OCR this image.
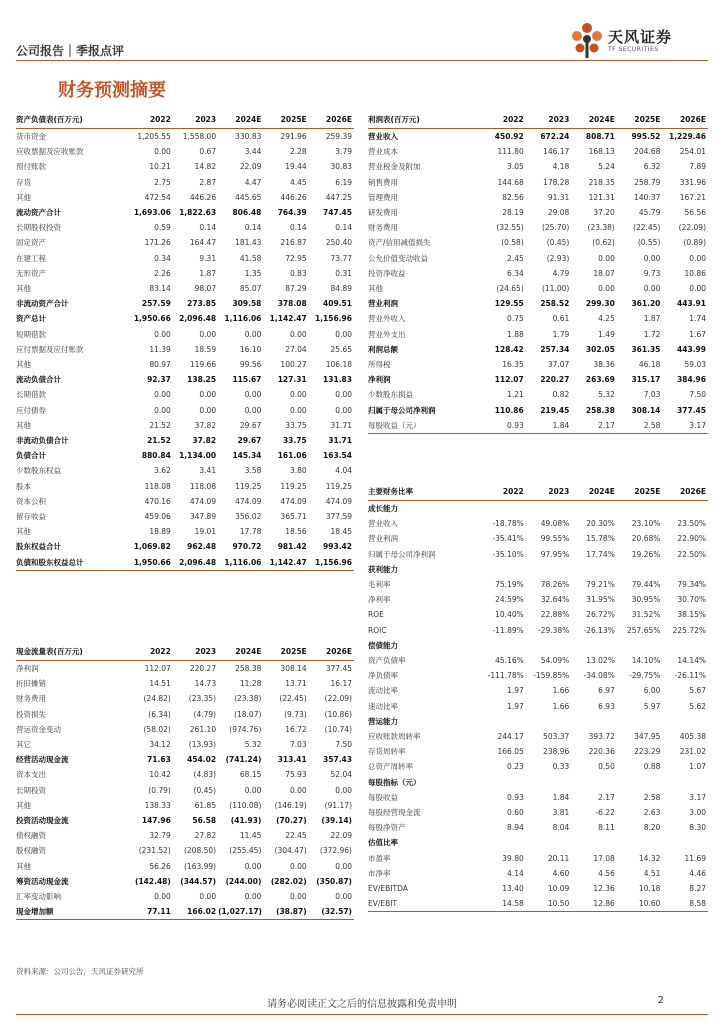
公司报告｜季报点评
天风证券
TF SECURITIES
财务预测摘要
资产负债表(百万元)	2022	2023	2024E	2025E	2026E
货币资金	1,205.55	1,558.00	330.83	291.96	259.39
应收票据及应收账款	0.00	0.67	3.44	2.28	3.79
预付账款	10.21	14.82	22.09	19.44	30.83
存货	2.75	2.87	4.47	4.45	6.19
其他	472.54	446.26	445.65	446.26	447.25
流动资产合计	1,693.06	1,822.63	806.48	764.39	747.45
长期股权投资	0.59	0.14	0.14	0.14	0.14
固定资产	171.26	164.47	181.43	216.87	250.40
在建工程	0.34	9.31	41.58	72.95	73.77
无形资产	2.26	1.87	1.35	0.83	0.31
其他	83.14	98.07	85.07	87.29	84.89
非流动资产合计	257.59	273.85	309.58	378.08	409.51
资产总计	1,950.66	2,096.48	1,116.06	1,142.47	1,156.96
短期借款	0.00	0.00	0.00	0.00	0.00
应付票据及应付账款	11.39	18.59	16.10	27.04	25.65
其他	80.97	119.66	99.56	100.27	106.18
流动负债合计	92.37	138.25	115.67	127.31	131.83
长期借款	0.00	0.00	0.00	0.00	0.00
应付债券	0.00	0.00	0.00	0.00	0.00
其他	21.52	37.82	29.67	33.75	31.71
非流动负债合计	21.52	37.82	29.67	33.75	31.71
负债合计	880.84	1,134.00	145.34	161.06	163.54
少数股东权益	3.62	3.41	3.58	3.80	4.04
股本	118.08	118.08	119.25	119.25	119.25
资本公积	470.16	474.09	474.09	474.09	474.09
留存收益	459.06	347.89	356.02	365.71	377.59
其他	18.89	19.01	17.78	18.56	18.45
股东权益合计	1,069.82	962.48	970.72	981.42	993.42
负债和股东权益总计	1,950.66	2,096.48	1,116.06	1,142.47	1,156.96
利润表(百万元)	2022	2023	2024E	2025E	2026E
营业收入	450.92	672.24	808.71	995.52	1,229.46
营业成本	111.80	146.17	168.13	204.68	254.01
营业税金及附加	3.05	4.18	5.24	6.32	7.89
销售费用	144.68	178.28	218.35	258.79	331.96
管理费用	82.56	91.31	121.31	140.37	167.21
研发费用	28.19	29.08	37.20	45.79	56.56
财务费用	(32.55)	(25.70)	(23.38)	(22.45)	(22.09)
资产/信用减值损失	(0.58)	(0.45)	(0.62)	(0.55)	(0.89)
公允价值变动收益	2.45	(2.93)	0.00	0.00	0.00
投资净收益	6.34	4.79	18.07	9.73	10.86
其他	(24.65)	(11.00)	0.00	0.00	0.00
营业利润	129.55	258.52	299.30	361.20	443.91
营业外收入	0.75	0.61	4.25	1.87	1.74
营业外支出	1.88	1.79	1.49	1.72	1.67
利润总额	128.42	257.34	302.05	361.35	443.99
所得税	16.35	37.07	38.36	46.18	59.03
净利润	112.07	220.27	263.69	315.17	384.96
少数股东损益	1.21	0.82	5.32	7.03	7.50
归属于母公司净利润	110.86	219.45	258.38	308.14	377.45
每股收益（元）	0.93	1.84	2.17	2.58	3.17
主要财务比率	2022	2023	2024E	2025E	2026E
成长能力					
营业收入	-18.78%	49.08%	20.30%	23.10%	23.50%
营业利润	-35.41%	99.55%	15.78%	20.68%	22.90%
归属于母公司净利润	-35.10%	97.95%	17.74%	19.26%	22.50%
获利能力					
毛利率	75.19%	78.26%	79.21%	79.44%	79.34%
净利率	24.59%	32.64%	31.95%	30.95%	30.70%
ROE	10.40%	22.88%	26.72%	31.52%	38.15%
ROIC	-11.89%	-29.38%	-26.13%	257.65%	225.72%
偿债能力					
资产负债率	45.16%	54.09%	13.02%	14.10%	14.14%
净负债率	-111.78%	-159.85%	-34.08%	-29.75%	-26.11%
流动比率	1.97	1.66	6.97	6.00	5.67
速动比率	1.97	1.66	6.93	5.97	5.62
营运能力					
应收账款周转率	244.17	503.37	393.72	347.95	405.38
存货周转率	166.05	238.96	220.36	223.29	231.02
总资产周转率	0.23	0.33	0.50	0.88	1.07
每股指标（元）					
每股收益	0.93	1.84	2.17	2.58	3.17
每股经营现金流	0.60	3.81	-6.22	2.63	3.00
每股净资产	8.94	8.04	8.11	8.20	8.30
估值比率					
市盈率	39.80	20.11	17.08	14.32	11.69
市净率	4.14	4.60	4.56	4.51	4.46
EV/EBITDA	13.40	10.09	12.36	10.18	8.27
EV/EBIT	14.58	10.50	12.86	10.60	8.58
现金流量表(百万元)	2022	2023	2024E	2025E	2026E
净利润	112.07	220.27	258.38	308.14	377.45
折旧摊销	14.51	14.73	11.28	13.71	16.17
财务费用	(24.82)	(23.35)	(23.38)	(22.45)	(22.09)
投资损失	(6.34)	(4.79)	(18.07)	(9.73)	(10.86)
营运资金变动	(58.02)	261.10	(974.76)	16.72	(10.74)
其它	34.12	(13.93)	5.32	7.03	7.50
经营活动现金流	71.63	454.02	(741.24)	313.41	357.43
资本支出	10.42	(4.83)	68.15	75.93	52.04
长期投资	(0.79)	(0.45)	0.00	0.00	0.00
其他	138.33	61.85	(110.08)	(146.19)	(91.17)
投资活动现金流	147.96	56.58	(41.93)	(70.27)	(39.14)
债权融资	32.79	27.82	11.45	22.45	22.09
股权融资	(231.52)	(208.50)	(255.45)	(304.47)	(372.96)
其他	56.26	(163.99)	0.00	0.00	0.00
筹资活动现金流	(142.48)	(344.57)	(244.00)	(282.02)	(350.87)
汇率变动影响	0.00	0.00	0.00	0.00	0.00
现金增加额	77.11	166.02	(1,027.17)	(38.87)	(32.57)
资料来源：公司公告，天风证券研究所
请务必阅读正文之后的信息披露和免责申明	2
